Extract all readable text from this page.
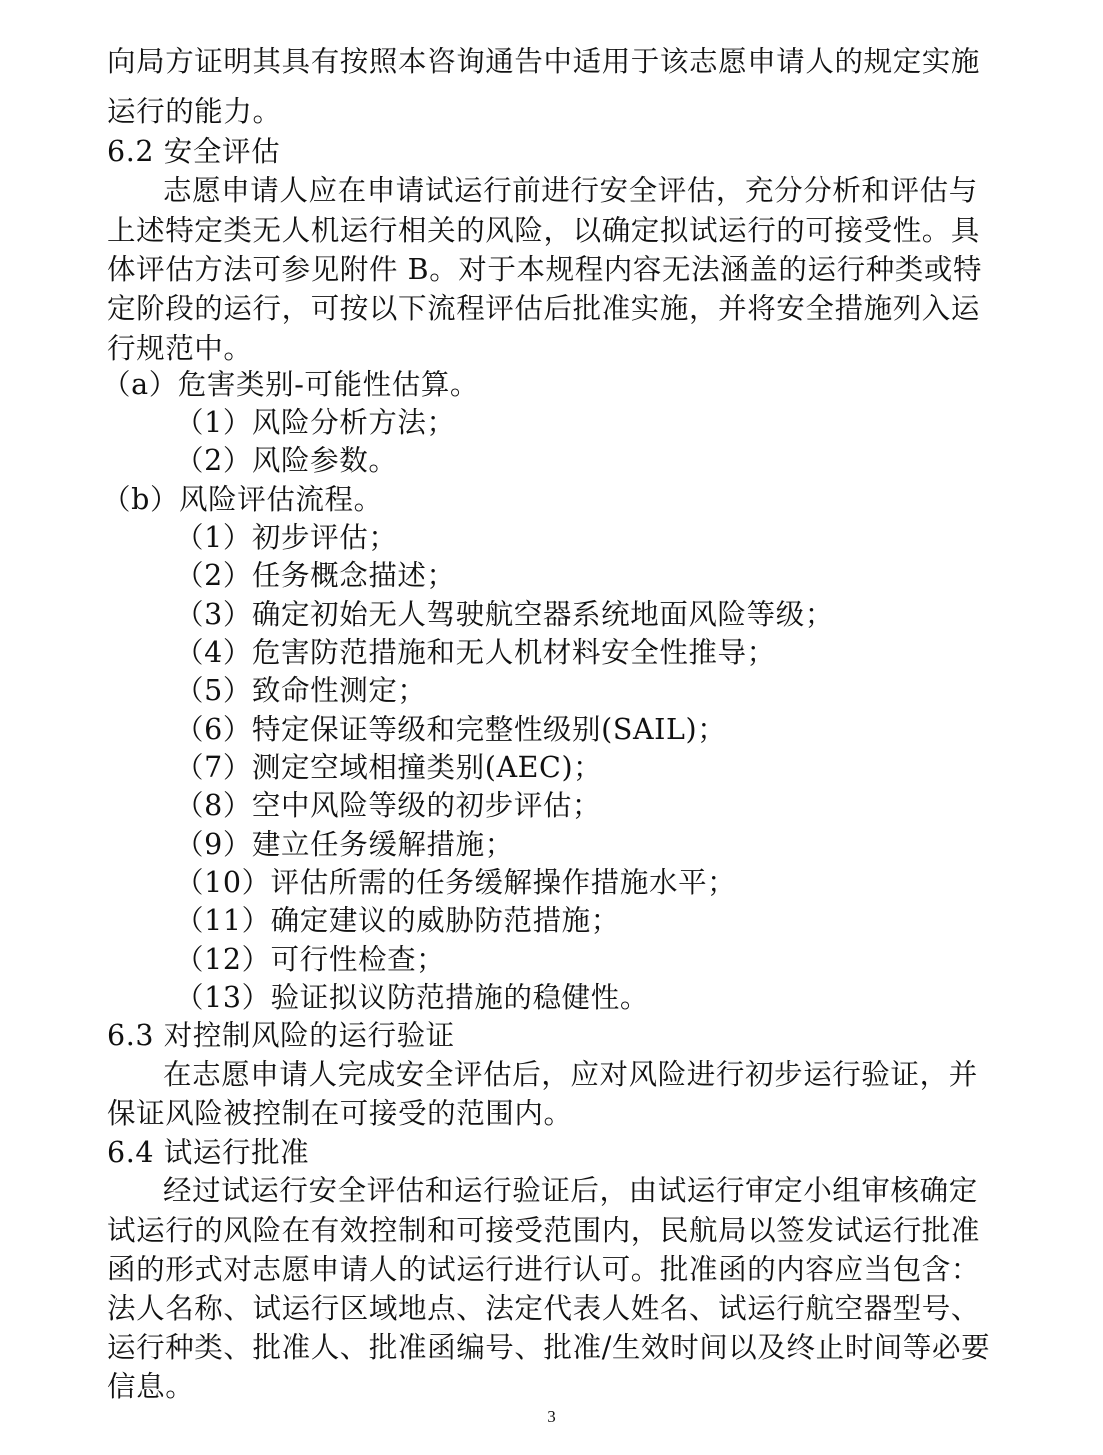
向局方证明其具有按照本咨询通告中适用于该志愿申请人的规定实施
运行的能力。
6.2 安全评估
志愿申请人应在申请试运行前进行安全评估，充分分析和评估与
上述特定类无人机运行相关的风险，以确定拟试运行的可接受性。具
体评估方法可参见附件 B。对于本规程内容无法涵盖的运行种类或特
定阶段的运行，可按以下流程评估后批准实施，并将安全措施列入运
行规范中。
（a）危害类别-可能性估算。
（1）风险分析方法；
（2）风险参数。
（b）风险评估流程。
（1）初步评估；
（2）任务概念描述；
（3）确定初始无人驾驶航空器系统地面风险等级；
（4）危害防范措施和无人机材料安全性推导；
（5）致命性测定；
（6）特定保证等级和完整性级别(SAIL)；
（7）测定空域相撞类别(AEC)；
（8）空中风险等级的初步评估；
（9）建立任务缓解措施；
（10）评估所需的任务缓解操作措施水平；
（11）确定建议的威胁防范措施；
（12）可行性检查；
（13）验证拟议防范措施的稳健性。
6.3 对控制风险的运行验证
在志愿申请人完成安全评估后，应对风险进行初步运行验证，并
保证风险被控制在可接受的范围内。
6.4 试运行批准
经过试运行安全评估和运行验证后，由试运行审定小组审核确定
试运行的风险在有效控制和可接受范围内，民航局以签发试运行批准
函的形式对志愿申请人的试运行进行认可。批准函的内容应当包含：
法人名称、试运行区域地点、法定代表人姓名、试运行航空器型号、
运行种类、批准人、批准函编号、批准/生效时间以及终止时间等必要
信息。
3
